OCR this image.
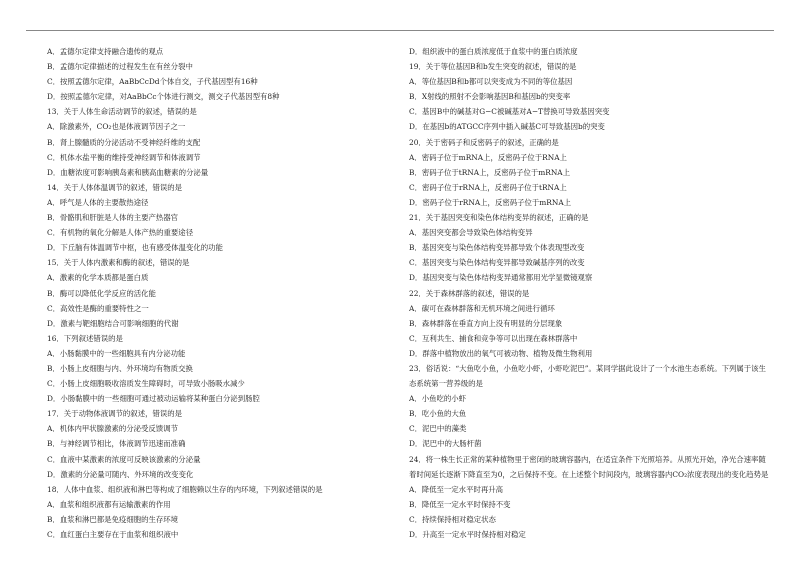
A．孟德尔定律支持融合遗传的观点
B．孟德尔定律描述的过程发生在有丝分裂中
C．按照孟德尔定律，AaBbCcDd个体自交，子代基因型有16种
D．按照孟德尔定律，对AaBbCc个体进行测交，测交子代基因型有8种
13．关于人体生命活动调节的叙述，错误的是
A．除激素外，CO₂也是体液调节因子之一
B．肾上腺髓质的分泌活动不受神经纤维的支配
C．机体水盐平衡的维持受神经调节和体液调节
D．血糖浓度可影响胰岛素和胰高血糖素的分泌量
14．关于人体体温调节的叙述，错误的是
A．呼气是人体的主要散热途径
B．骨骼肌和肝脏是人体的主要产热器官
C．有机物的氧化分解是人体产热的重要途径
D．下丘脑有体温调节中枢，也有感受体温变化的功能
15．关于人体内激素和酶的叙述，错误的是
A．激素的化学本质都是蛋白质
B．酶可以降低化学反应的活化能
C．高效性是酶的重要特性之一
D．激素与靶细胞结合可影响细胞的代谢
16．下列叙述错误的是
A．小肠黏膜中的一些细胞具有内分泌功能
B．小肠上皮细胞与内、外环境均有物质交换
C．小肠上皮细胞吸收溶质发生障碍时，可导致小肠吸水减少
D．小肠黏膜中的一些细胞可通过被动运输将某种蛋白分泌到肠腔
17．关于动物体液调节的叙述，错误的是
A．机体内甲状腺激素的分泌受反馈调节
B．与神经调节相比，体液调节迅速而准确
C．血液中某激素的浓度可反映该激素的分泌量
D．激素的分泌量可随内、外环境的改变变化
18．人体中血浆、组织液和淋巴等构成了细胞赖以生存的内环境，下列叙述错误的是
A．血浆和组织液都有运输激素的作用
B．血浆和淋巴都是免疫细胞的生存环境
C．血红蛋白主要存在于血浆和组织液中
D．组织液中的蛋白质浓度低于血浆中的蛋白质浓度
19．关于等位基因B和b发生突变的叙述，错误的是
A．等位基因B和b都可以突变成为不同的等位基因
B．X射线的照射不会影响基因B和基因b的突变率
C．基因B中的碱基对G−C被碱基对A−T替换可导致基因突变
D．在基因b的ATGCC序列中插入碱基C可导致基因b的突变
20．关于密码子和反密码子的叙述，正确的是
A．密码子位于mRNA上，反密码子位于RNA上
B．密码子位于tRNA上，反密码子位于mRNA上
C．密码子位于rRNA上，反密码子位于tRNA上
D．密码子位于rRNA上，反密码子位于mRNA上
21．关于基因突变和染色体结构变异的叙述，正确的是
A．基因突变都会导致染色体结构变异
B．基因突变与染色体结构变异都导致个体表现型改变
C．基因突变与染色体结构变异都导致碱基序列的改变
D．基因突变与染色体结构变异通常都用光学显微镜观察
22．关于森林群落的叙述，错误的是
A．碳可在森林群落和无机环境之间进行循环
B．森林群落在垂直方向上没有明显的分层现象
C．互利共生、捕食和竞争等可以出现在森林群落中
D．群落中植物放出的氧气可被动物、植物及微生物利用
23．俗话说：“大鱼吃小鱼，小鱼吃小虾，小虾吃泥巴”。某同学据此设计了一个水池生态系统。下列属于该生
态系统第一营养级的是
A．小鱼吃的小虾
B．吃小鱼的大鱼
C．泥巴中的藻类
D．泥巴中的大肠杆菌
24．将一株生长正常的某种植物里于密闭的玻璃容器内，在适宜条件下光照培养。从照光开始，净光合速率随
着时间延长逐渐下降直至为0，之后保持不变。在上述整个时间段内，玻璃容器内CO₂浓度表现出的变化趋势是
A．降低至一定水平时再升高
B．降低至一定水平时保持不变
C．持续保持相对稳定状态
D．升高至一定水平时保持相对稳定
